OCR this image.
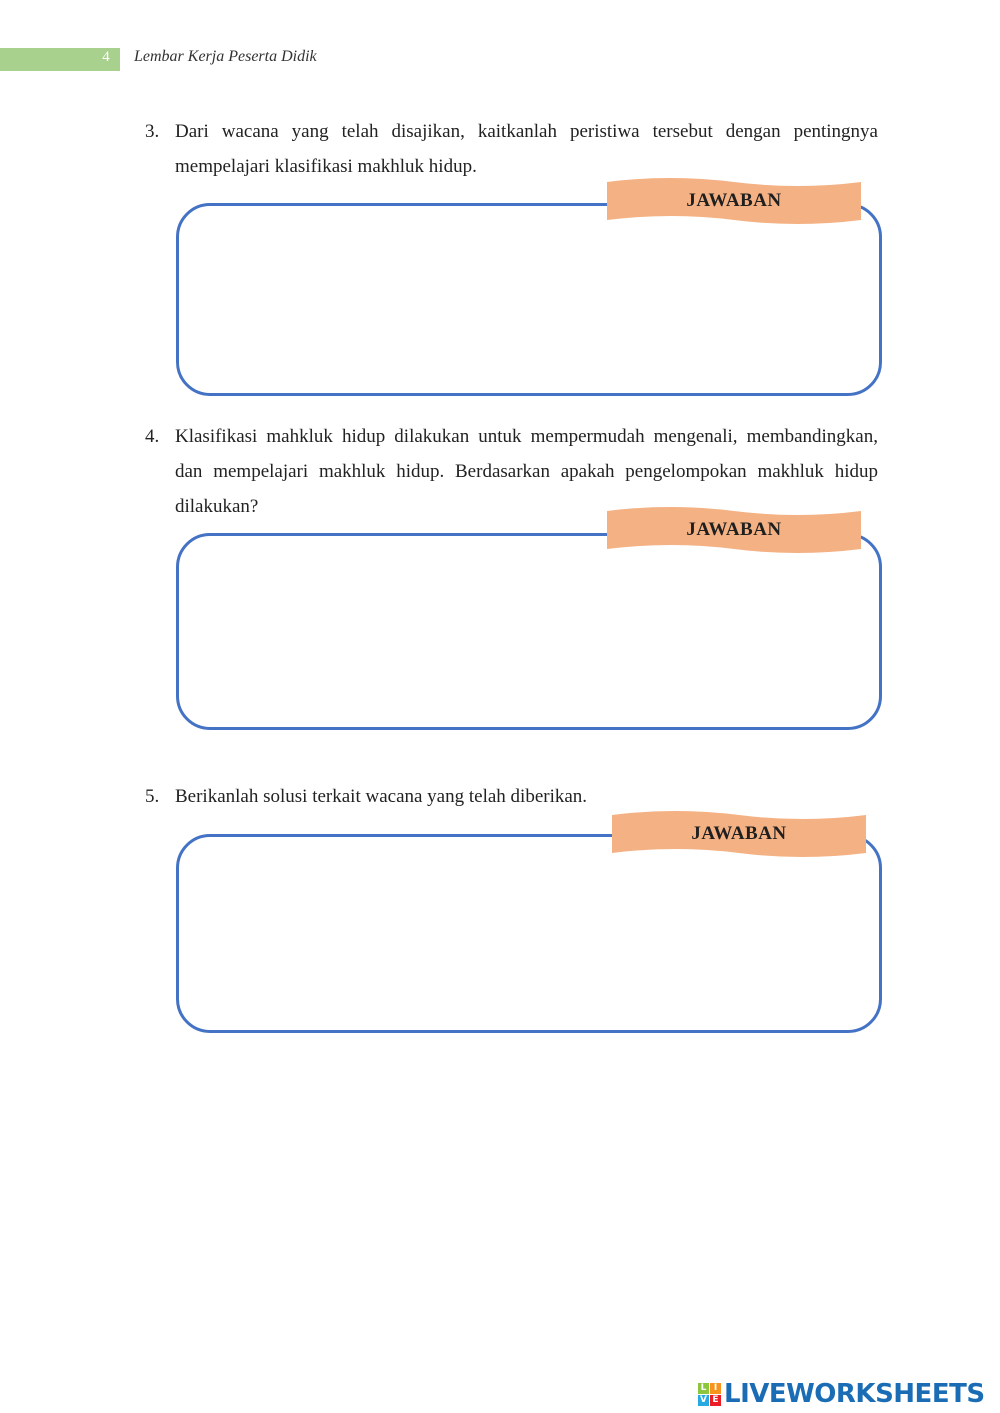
4	Lembar Kerja Peserta Didik
3. Dari wacana yang telah disajikan, kaitkanlah peristiwa tersebut dengan pentingnya mempelajari klasifikasi makhluk hidup.
JAWABAN
4. Klasifikasi mahkluk hidup dilakukan untuk mempermudah mengenali, membandingkan, dan mempelajari makhluk hidup. Berdasarkan apakah pengelompokan makhluk hidup dilakukan?
JAWABAN
5. Berikanlah solusi terkait wacana yang telah diberikan.
JAWABAN
L I
V E LIVEWORKSHEETS
